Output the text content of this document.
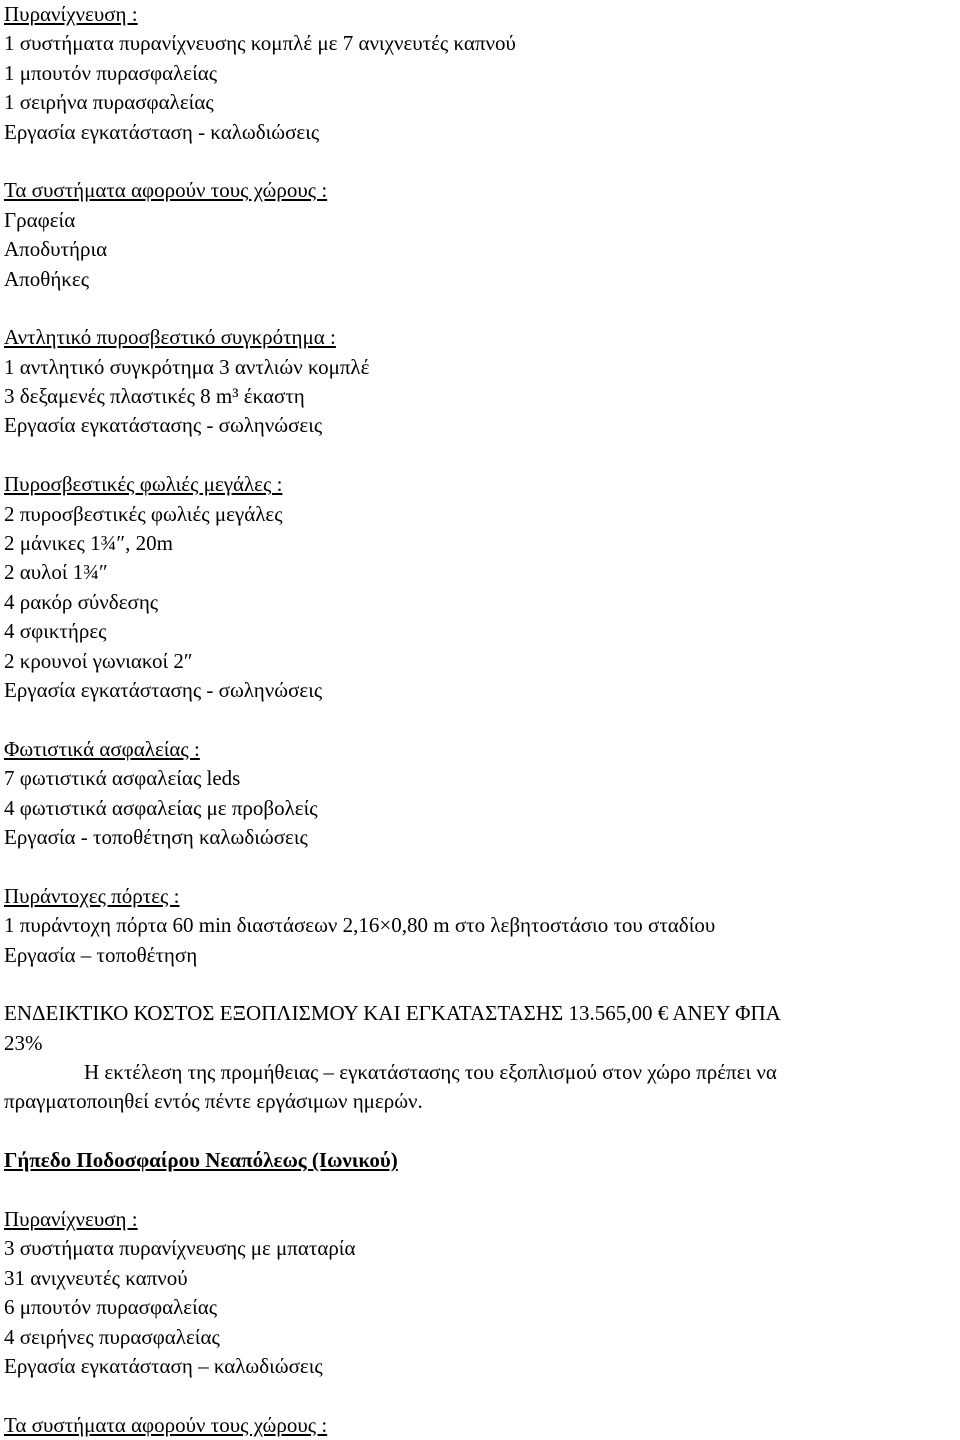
Πυρανίχνευση :
1 συστήματα πυρανίχνευσης κομπλέ με 7 ανιχνευτές καπνού
1 μπουτόν πυρασφαλείας
1 σειρήνα πυρασφαλείας
Εργασία εγκατάσταση - καλωδιώσεις
Τα συστήματα αφορούν τους χώρους :
Γραφεία
Αποδυτήρια
Αποθήκες
Αντλητικό πυροσβεστικό συγκρότημα :
1 αντλητικό συγκρότημα 3 αντλιών κομπλέ
3 δεξαμενές πλαστικές 8 m³ έκαστη
Εργασία εγκατάστασης - σωληνώσεις
Πυροσβεστικές φωλιές μεγάλες :
2 πυροσβεστικές φωλιές μεγάλες
2 μάνικες 1¾″, 20m
2 αυλοί 1¾″
4 ρακόρ σύνδεσης
4 σφικτήρες
2 κρουνοί γωνιακοί 2″
Εργασία εγκατάστασης - σωληνώσεις
Φωτιστικά ασφαλείας :
7 φωτιστικά ασφαλείας leds
4 φωτιστικά ασφαλείας με προβολείς
Εργασία - τοποθέτηση καλωδιώσεις
Πυράντοχες πόρτες :
1 πυράντοχη πόρτα 60 min διαστάσεων 2,16×0,80 m στο λεβητοστάσιο του σταδίου
Εργασία – τοποθέτηση
ΕΝΔΕΙΚΤΙΚΟ ΚΟΣΤΟΣ ΕΞΟΠΛΙΣΜΟΥ ΚΑΙ ΕΓΚΑΤΑΣΤΑΣΗΣ 13.565,00 € ΑΝΕΥ ΦΠΑ
23%
Η εκτέλεση της προμήθειας – εγκατάστασης του εξοπλισμού στον χώρο πρέπει να
πραγματοποιηθεί εντός πέντε εργάσιμων ημερών.
Γήπεδο Ποδοσφαίρου Νεαπόλεως (Ιωνικού)
Πυρανίχνευση :
3 συστήματα πυρανίχνευσης με μπαταρία
31 ανιχνευτές καπνού
6 μπουτόν πυρασφαλείας
4 σειρήνες πυρασφαλείας
Εργασία εγκατάσταση – καλωδιώσεις
Τα συστήματα αφορούν τους χώρους :
